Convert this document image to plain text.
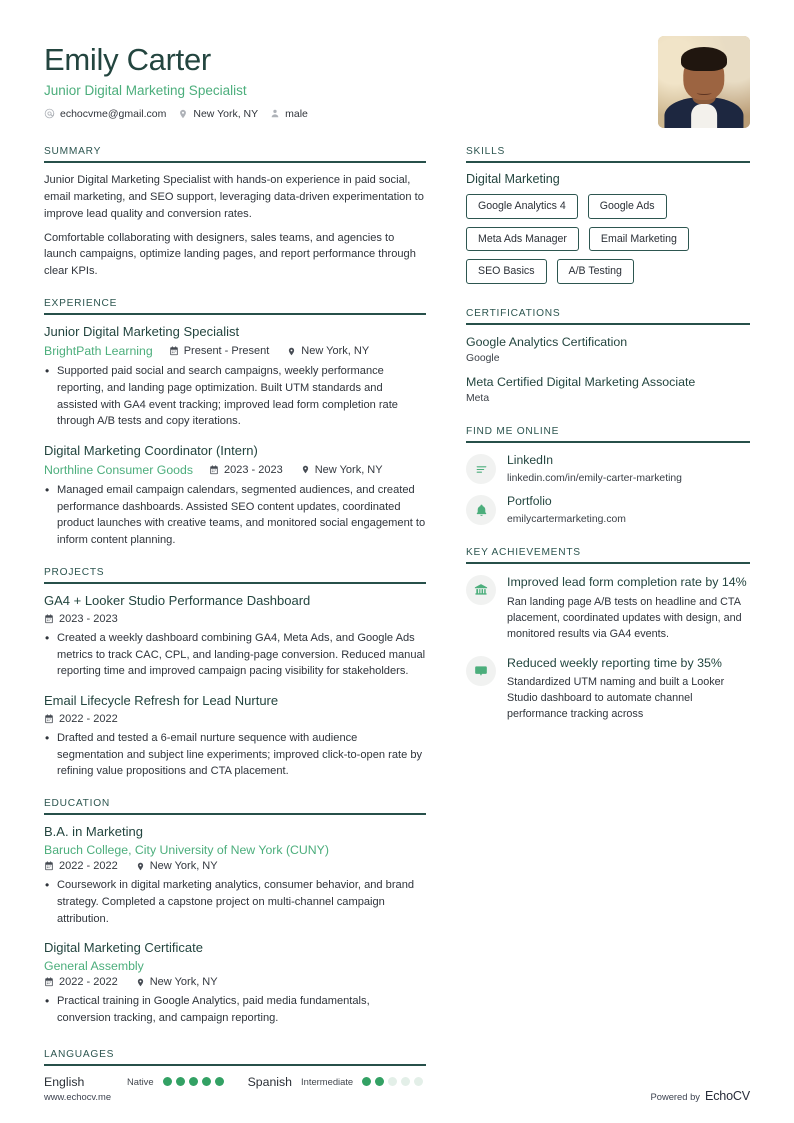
Emily Carter
Junior Digital Marketing Specialist
echocvme@gmail.com	New York, NY	male
SUMMARY
Junior Digital Marketing Specialist with hands-on experience in paid social, email marketing, and SEO support, leveraging data-driven experimentation to improve lead quality and conversion rates.
Comfortable collaborating with designers, sales teams, and agencies to launch campaigns, optimize landing pages, and report performance through clear KPIs.
EXPERIENCE
Junior Digital Marketing Specialist
BrightPath Learning	Present - Present	New York, NY
• Supported paid social and search campaigns, weekly performance reporting, and landing page optimization. Built UTM standards and assisted with GA4 event tracking; improved lead form completion rate through A/B tests and copy iterations.
Digital Marketing Coordinator (Intern)
Northline Consumer Goods	2023 - 2023	New York, NY
• Managed email campaign calendars, segmented audiences, and created performance dashboards. Assisted SEO content updates, coordinated product launches with creative teams, and monitored social engagement to inform content planning.
PROJECTS
GA4 + Looker Studio Performance Dashboard
2023 - 2023
• Created a weekly dashboard combining GA4, Meta Ads, and Google Ads metrics to track CAC, CPL, and landing-page conversion. Reduced manual reporting time and improved campaign pacing visibility for stakeholders.
Email Lifecycle Refresh for Lead Nurture
2022 - 2022
• Drafted and tested a 6-email nurture sequence with audience segmentation and subject line experiments; improved click-to-open rate by refining value propositions and CTA placement.
EDUCATION
B.A. in Marketing
Baruch College, City University of New York (CUNY)
2022 - 2022	New York, NY
• Coursework in digital marketing analytics, consumer behavior, and brand strategy. Completed a capstone project on multi-channel campaign attribution.
Digital Marketing Certificate
General Assembly
2022 - 2022	New York, NY
• Practical training in Google Analytics, paid media fundamentals, conversion tracking, and campaign reporting.
LANGUAGES
English	Native	Spanish Intermediate
SKILLS
Digital Marketing
Google Analytics 4	Google Ads
Meta Ads Manager	Email Marketing
SEO Basics	A/B Testing
CERTIFICATIONS
Google Analytics Certification
Google
Meta Certified Digital Marketing Associate
Meta
FIND ME ONLINE
LinkedIn
linkedin.com/in/emily-carter-marketing
Portfolio
emilycartermarketing.com
KEY ACHIEVEMENTS
Improved lead form completion rate by 14%
Ran landing page A/B tests on headline and CTA placement, coordinated updates with design, and monitored results via GA4 events.
Reduced weekly reporting time by 35%
Standardized UTM naming and built a Looker Studio dashboard to automate channel performance tracking across
www.echocv.me	Powered by EchoCV
